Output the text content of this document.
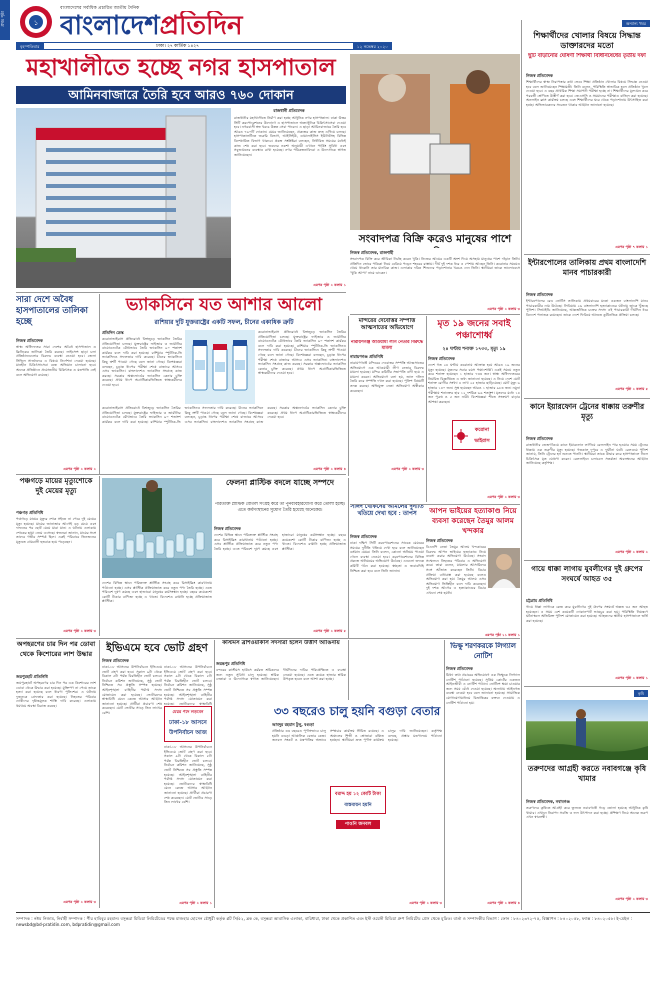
প্রথম পৃষ্ঠা	১
বাংলাদেশের সর্বাধিক প্রচারিত জাতীয় দৈনিক
বাংলাদেশপ্রতিদিন
বৃহস্পতিবার	ঢাকা। ২৭ কার্তিক ১৪২৭	১২ নভেম্বর ২০২০
অন্যান্য খবর
শিক্ষার্থীদের খোলার বিষয়ে সিদ্ধান্ত ডাক্তারদের মতো
ছুটি বাড়ানোর ঘোষণা শিক্ষার্থী বিধিনিষেধের তৃতীয় দফা
নিজস্ব প্রতিবেদক
শিক্ষার্থীদের স্বাস্থ্য নিরাপত্তার কথা ভেবে শিক্ষা প্রতিষ্ঠান খোলার বিষয়ে সিদ্ধান্ত নেওয়া হবে বলে জানিয়েছেন শিক্ষামন্ত্রী। তিনি বলেন, পরিস্থিতি স্বাভাবিক হলে প্রতিষ্ঠান খুলে দেওয়া হবে। এ বছর প্রাথমিক শিক্ষা সমাপনী পরীক্ষা হচ্ছে না। শিক্ষার্থীদের মূল্যায়ন করে পরবর্তী শ্রেণিতে উত্তীর্ণ করা হবে। জেএসসি ও সমমানের পরীক্ষাও বাতিল করা হয়েছে। অনলাইন ক্লাস কার্যক্রম চলছে এবং শিক্ষার্থীদের ঘরে থেকে পড়াশোনায় উৎসাহিত করা হচ্ছে। অভিভাবকদের সচেতন থাকার আহ্বান জানানো হয়েছে।
এরপর পৃষ্ঠা ৭ কলাম ১
ইন্টারপোলের তালিকায় প্রথম বাংলাদেশি মানব পাচারকারী
নিজস্ব প্রতিবেদক
ইন্টারপোলের রেড নোটিস তালিকায় প্রথমবারের মতো একজন বাংলাদেশি মানব পাচারকারীর নাম উঠেছে। লিবিয়ায় ২৬ বাংলাদেশি হত্যাকাণ্ডের ঘটনায় তাকে খুঁজছে পুলিশ। সিআইডি জানিয়েছে, আন্তর্জাতিক চক্রের সদস্য এই পাচারকারী দীর্ঘদিন ধরে বিদেশে পলাতক রয়েছেন। তাকে দেশে ফিরিয়ে আনতে কূটনৈতিক প্রক্রিয়া চলছে।
এরপর পৃষ্ঠা ২ কলাম ৫
কানে ইয়ারফোন ট্রেনের ধাক্কায় তরুণীর মৃত্যু
নিজস্ব প্রতিবেদক
রাজধানীর তেজগাঁওয়ে কানে ইয়ারফোন লাগিয়ে রেললাইন পার হওয়ার সময় ট্রেনের ধাক্কায় এক তরুণীর মৃত্যু হয়েছে। গতকাল দুপুরে এ দুর্ঘটনা ঘটে। রেলওয়ে পুলিশ জানায়, তিনি ট্রেনের হর্ন শুনতে পাননি। স্থানীয়রা তাকে উদ্ধার করে হাসপাতালে নিলে চিকিৎসক মৃত ঘোষণা করেন। রেললাইনে চলাচলে সতর্কতা অবলম্বনের আহ্বান জানিয়েছে কর্তৃপক্ষ।
এরপর পৃষ্ঠা ২ কলাম ২
গায়ে ধাক্কা লাগায় যুবলীগের দুই গ্রুপের সংঘর্ষে আহত ৩৫
চট্টগ্রাম প্রতিনিধি
গায়ে ধাক্কা লাগাকে কেন্দ্র করে যুবলীগের দুই গ্রুপের সংঘর্ষে অন্তত ৩৫ জন আহত হয়েছেন। এ সময় বেশ কয়েকটি দোকানপাট ভাঙচুর করা হয়। পরিস্থিতি নিয়ন্ত্রণে ঘটনাস্থলে অতিরিক্ত পুলিশ মোতায়েন করা হয়েছে। আহতদের স্থানীয় হাসপাতালে ভর্তি করা হয়েছে।
এরপর পৃষ্ঠা ২ কলাম ১
কৃষি
তরুণদের আগ্রহী করতে নবাবগঞ্জে কৃষি খামার
নিজস্ব প্রতিবেদক, নবাবগঞ্জ
তরুণদের কৃষিতে আগ্রহী করে তুলতে নবাবগঞ্জে গড়ে তোলা হয়েছে আধুনিক কৃষি খামার। এখানে নিরাপদ সবজি ও ফল উৎপাদন করা হচ্ছে। প্রশিক্ষণ নিয়ে অনেক তরুণ এখন স্বাবলম্বী।
এরপর পৃষ্ঠা ২ কলাম ৩
মহাখালীতে হচ্ছে নগর হাসপাতাল
আমিনবাজারে তৈরি হবে আরও ৭৬০ দোকান
রাজধানী প্রতিবেদক
রাজধানীর মহাখালীতে নির্মাণ করা হচ্ছে আধুনিক নগর হাসপাতাল। ঢাকা উত্তর সিটি করপোরেশনের উদ্যোগে এ হাসপাতালে অত্যাধুনিক চিকিৎসাসেবা দেওয়া হবে। নগরবাসী স্বল্প খরচে উন্নত সেবা পাবেন। এ ছাড়া আমিনবাজারে তৈরি হবে আরও ৭৬০টি দোকান। মেয়র জানিয়েছেন, প্রকল্পের কাজ দ্রুত এগিয়ে চলছে। হাসপাতালটিতে জরুরি বিভাগ, আইসিইউ, ডায়ালাইসিস ইউনিটসহ বিভিন্ন বিশেষায়িত বিভাগ থাকবে। প্রকল্প সংশ্লিষ্টরা বলছেন, নির্ধারিত সময়ের মধ্যেই কাজ শেষ করা হবে। ভবনের নকশা অনুযায়ী এখানে পার্কিং সুবিধা এবং সবুজায়নের ব্যবস্থাও রাখা হয়েছে। নগর পরিকল্পনাবিদরা এ উদ্যোগকে স্বাগত জানিয়েছেন।
এরপর পৃষ্ঠা ২ কলাম ১
সংবাদপত্র বিক্রি করেও মানুষের পাশে
নিজস্ব প্রতিবেদক, রাজশাহী
সংবাদপত্র বিক্রি করে জীবিকা নির্বাহ করেন খুকি। নিজের আয়ের একটি অংশ দিয়ে অসহায় মানুষের পাশে দাঁড়ান তিনি। প্রতিদিন ভোরে পত্রিকা নিয়ে বেরিয়ে পড়েন শহরের রাস্তায়। দীর্ঘ দুই দশক ধরে এ পেশায় আছেন তিনি। করোনার সময়েও থেমে থাকেনি তার মানবিক কাজ। এলাকার দরিদ্র শিশুদের পড়াশোনার খরচও দেন তিনি। স্থানীয়রা তাকে ভালোবেসে 'খুকি আপা' নামে ডাকেন।
এরপর পৃষ্ঠা ২ কলাম ৩
সারা দেশে অবৈধ হাসপাতালের তালিকা হচ্ছে
নিজস্ব প্রতিবেদক
স্বাস্থ্য অধিদফতর সারা দেশের অবৈধ হাসপাতাল ও ক্লিনিকের তালিকা তৈরি করছে। লাইসেন্স ছাড়া চলা প্রতিষ্ঠানগুলোর বিরুদ্ধে ব্যবস্থা নেওয়া হবে। জেলা সিভিল সার্জনদের এ বিষয়ে নির্দেশনা দেওয়া হয়েছে। মানহীন চিকিৎসাসেবা বন্ধে অভিযান চালানো হবে। অনেক প্রতিষ্ঠানে প্রয়োজনীয় চিকিৎসক ও যন্ত্রপাতি নেই বলে অভিযোগ রয়েছে।
এরপর পৃষ্ঠা ২ কলাম ২
ভ্যাকসিনে যত আশার আলো
রাশিয়ার দুটি যুক্তরাষ্ট্রের একটি সফল, চীনের একাধিক ত্রুটি
প্রতিদিন ডেস্ক
করোনাভাইরাস প্রতিরোধে বিশ্বজুড়ে ভ্যাকসিন তৈরির প্রতিযোগিতা চলছে। যুক্তরাষ্ট্রের ফাইজার ও জার্মানির বায়োএনটেক যৌথভাবে তৈরি ভ্যাকসিন ৯০ শতাংশ কার্যকর বলে দাবি করা হয়েছে। রাশিয়ার স্পুটনিক-ভি ভ্যাকসিনও সফলতার দাবি করেছে। চীনের ভ্যাকসিনে কিছু ত্রুটি পাওয়া গেছে বলে জানা গেছে। বিশেষজ্ঞরা বলছেন, চূড়ান্ত ধাপের পরীক্ষা শেষে বাজারে আসবে এসব ভ্যাকসিন। বাংলাদেশও ভ্যাকসিন সংগ্রহে কাজ করছে। সরকার অক্সফোর্ডের ভ্যাকসিন কেনার চুক্তি করেছে। প্রথম ধাপে অগ্রাধিকারভিত্তিতে স্বাস্থ্যকর্মীদের দেওয়া হবে।
করোনাভাইরাস প্রতিরোধে বিশ্বজুড়ে ভ্যাকসিন তৈরির প্রতিযোগিতা চলছে। যুক্তরাষ্ট্রের ফাইজার ও জার্মানির বায়োএনটেক যৌথভাবে তৈরি ভ্যাকসিন ৯০ শতাংশ কার্যকর বলে দাবি করা হয়েছে। রাশিয়ার স্পুটনিক-ভি ভ্যাকসিনও সফলতার দাবি করেছে। চীনের ভ্যাকসিনে কিছু ত্রুটি পাওয়া গেছে বলে জানা গেছে। বিশেষজ্ঞরা বলছেন, চূড়ান্ত ধাপের পরীক্ষা শেষে বাজারে আসবে এসব ভ্যাকসিন। বাংলাদেশও ভ্যাকসিন সংগ্রহে কাজ করছে। সরকার অক্সফোর্ডের ভ্যাকসিন কেনার চুক্তি করেছে। প্রথম ধাপে অগ্রাধিকারভিত্তিতে স্বাস্থ্যকর্মীদের দেওয়া হবে।
করোনাভাইরাস প্রতিরোধে বিশ্বজুড়ে ভ্যাকসিন তৈরির প্রতিযোগিতা চলছে। যুক্তরাষ্ট্রের ফাইজার ও জার্মানির বায়োএনটেক যৌথভাবে তৈরি ভ্যাকসিন ৯০ শতাংশ কার্যকর বলে দাবি করা হয়েছে। রাশিয়ার স্পুটনিক-ভি ভ্যাকসিনও সফলতার দাবি করেছে। চীনের ভ্যাকসিনে কিছু ত্রুটি পাওয়া গেছে বলে জানা গেছে। বিশেষজ্ঞরা বলছেন, চূড়ান্ত ধাপের পরীক্ষা শেষে বাজারে আসবে এসব ভ্যাকসিন। বাংলাদেশও ভ্যাকসিন সংগ্রহে কাজ করছে। সরকার অক্সফোর্ডের ভ্যাকসিন কেনার চুক্তি করেছে। প্রথম ধাপে অগ্রাধিকারভিত্তিতে স্বাস্থ্যকর্মীদের দেওয়া হবে।
এরপর পৃষ্ঠা ২ কলাম ৪
মন্দিরের দেবোত্তর সম্পত্তি আত্মসাতের অভিযোগে
নারায়ণগঞ্জ আওয়ামী লীগ নেতার বিরুদ্ধে মামলা
নারায়ণগঞ্জ প্রতিনিধি
নারায়ণগঞ্জে মন্দিরের দেবোত্তর সম্পত্তি আত্মসাতের অভিযোগে এক আওয়ামী লীগ নেতার বিরুদ্ধে মামলা হয়েছে। মন্দির কমিটির সভাপতি বাদী হয়ে এ মামলা করেন। অভিযোগে বলা হয়, জাল দলিল তৈরি করে সম্পত্তি দখল করা হয়েছে। পুলিশ বিষয়টি তদন্ত করছে। অভিযুক্ত নেতা অভিযোগ অস্বীকার করেছেন।
এরপর পৃষ্ঠা ২ কলাম ৩
মৃত ১৯ জনের সবাই পঞ্চাশোর্ধ্ব
২৪ ঘণ্টায় শনাক্ত ১৭৩৩, মৃত্যু ১৯
নিজস্ব প্রতিবেদক
দেশে গত ২৪ ঘণ্টায় করোনায় আক্রান্ত হয়ে আরও ১৯ জনের মৃত্যু হয়েছে। মৃতদের সবার বয়স পঞ্চাশোর্ধ্ব। একই সময়ে নতুন করে শনাক্ত হয়েছেন ১ হাজার ৭৩৩ জন। স্বাস্থ্য অধিদফতরের নিয়মিত বিজ্ঞপ্তিতে এ তথ্য জানানো হয়েছে। এ নিয়ে দেশে মোট শনাক্ত রোগীর সংখ্যা ৪ লাখ ২৫ হাজার ছাড়িয়েছে। মোট মৃত্যু ৬ হাজার ১৪০ জন। সুস্থ হয়েছেন আরও ১ হাজার ৯৮৩ জন। নমুনা পরীক্ষায় শনাক্তের হার ১২ দশমিক ৬৬ শতাংশ। মৃতদের মধ্যে ১৪ জন পুরুষ ও ৫ জন নারী। বিশেষজ্ঞরা শীতে সংক্রমণ বাড়ার আশঙ্কা করছেন।
করোনা ভাইরাস
এরপর পৃষ্ঠা ২ কলাম ৩
পঞ্চগড়ে মায়ের মৃত্যুশোকে দুই মেয়ের মৃত্যু
পঞ্চগড় প্রতিনিধি
পঞ্চগড়ে মায়ের মৃত্যুর শোক সইতে না পেরে দুই মেয়ের মৃত্যু হয়েছে। মায়ের জানাজার আগেই বড় মেয়ে এবং দাফনের পর ছোট মেয়ে মারা যান। এ ঘটনায় এলাকায় শোকের ছায়া নেমে এসেছে। স্বজনরা জানান, মায়ের সঙ্গে তাদের গভীর সম্পর্ক ছিল। একই পরিবারে তিনজনের মৃত্যুতে গ্রামবাসী হতবাক হয়ে পড়েছেন।
এরপর পৃষ্ঠা ২ কলাম ৩
ফেলনা প্লাস্টিক বদলে যাচ্ছে সম্পদে
পরিত্যক্ত প্লাস্টিক বোতল সংগ্রহ করে তা পুনর্ব্যবহারযোগ্য করে তোলা হচ্ছে। এতে কর্মসংস্থানের সুযোগ তৈরি হয়েছে অনেকের।
নিজস্ব প্রতিবেদক
দেশের বিভিন্ন স্থানে পরিত্যক্ত প্লাস্টিক সংগ্রহ করে রিসাইক্লিং কারখানায় পাঠানো হচ্ছে। এসব প্লাস্টিক প্রক্রিয়াজাত করে নতুন পণ্য তৈরি হচ্ছে। এতে পরিবেশ দূষণ কমছে এবং হাজারো মানুষের কর্মসংস্থান হচ্ছে। বছরে কয়েকশো কোটি টাকার বাণিজ্য হচ্ছে এ খাতে। বিদেশেও রপ্তানি হচ্ছে প্রক্রিয়াজাত প্লাস্টিক।
দেশের বিভিন্ন স্থানে পরিত্যক্ত প্লাস্টিক সংগ্রহ করে রিসাইক্লিং কারখানায় পাঠানো হচ্ছে। এসব প্লাস্টিক প্রক্রিয়াজাত করে নতুন পণ্য তৈরি হচ্ছে। এতে পরিবেশ দূষণ কমছে এবং হাজারো মানুষের কর্মসংস্থান হচ্ছে। বছরে কয়েকশো কোটি টাকার বাণিজ্য হচ্ছে এ খাতে। বিদেশেও রপ্তানি হচ্ছে প্রক্রিয়াজাত প্লাস্টিক।
এরপর পৃষ্ঠা ২ কলাম ৫
সাঈদ খোকনের আমলের দুর্নীতি খতিয়ে দেখা হবে : তাপস
নিজস্ব প্রতিবেদক
ঢাকা দক্ষিণ সিটি করপোরেশনের সাবেক মেয়রের সময়ের দুর্নীতি খতিয়ে দেখা হবে বলে জানিয়েছেন বর্তমান মেয়র। তিনি বলেন, কোনো অনিয়ম পাওয়া গেলে ব্যবস্থা নেওয়া হবে। করপোরেশনের বিভিন্ন প্রকল্পে অনিয়মের অভিযোগ উঠেছে। এগুলো তদন্তে কমিটি গঠন করা হয়েছে। স্বচ্ছতা ও জবাবদিহি নিশ্চিত করা হবে বলে তিনি জানান।
আপন ভাইয়ের হত্যাকাণ্ড নিয়ে ব্যবসা করেছেন তৈমুর আলম খন্দকার
নিজস্ব প্রতিবেদক
বিএনপি নেতা তৈমুর আলম খন্দকারের বিরুদ্ধে আপন ভাইয়ের হত্যাকাণ্ড নিয়ে ব্যবসা করার অভিযোগ উঠেছে। সংবাদ সম্মেলনে নিহতের পরিবার এ অভিযোগ করে। তারা বলেন, মামলার আসামিদের সঙ্গে আঁতাত করেছেন তিনি। বিচার প্রক্রিয়া বাধাগ্রস্ত করা হয়েছে বলেও অভিযোগ করা হয়। তৈমুর আলম এসব অভিযোগ ভিত্তিহীন বলে দাবি করেছেন। দুই দশক আগের এ হত্যাকাণ্ডের বিচার এখনো শেষ হয়নি।
এরপর পৃষ্ঠা ১১ কলাম ১
অপহরণের চার দিন পর ডোবা থেকে কিশোরের লাশ উদ্ধার
জয়পুরহাট প্রতিনিধি
জয়পুরহাটে অপহরণের চার দিন পর এক কিশোরের লাশ ডোবা থেকে উদ্ধার করা হয়েছে। মুক্তিপণ না পেয়ে তাকে হত্যা করা হয়েছে বলে ধারণা পুলিশের। এ ঘটনায় দুজনকে গ্রেফতার করা হয়েছে। নিহতের পরিবার দোষীদের দৃষ্টান্তমূলক শাস্তি দাবি করেছে। এলাকায় থমথমে অবস্থা বিরাজ করছে।
এরপর পৃষ্ঠা ২ কলাম ৩
ইভিএমে হবে ভোট গ্রহণ
নিজস্ব প্রতিবেদক
ঢাকা-১৮ আসনের উপনির্বাচনে ইভিএমে ভোট গ্রহণ করা হবে। সকাল ৯টা থেকে বিকাল ৫টা পর্যন্ত বিরতিহীন ভোট চলবে। নির্বাচন কমিশন জানিয়েছে, সুষ্ঠু ভোট নিশ্চিতে সব প্রস্তুতি সম্পন্ন হয়েছে। আইনশৃঙ্খলা বাহিনীর পর্যাপ্ত সদস্য মোতায়েন করা হয়েছে। ভোটারদের স্বাস্থ্যবিধি মেনে কেন্দ্রে আসার আহ্বান জানানো হয়েছে। প্রার্থীরা প্রচারণা শেষ করেছেন। মোট ভোটার সাড়ে তিন লাখের বেশি।	মেয়র পদে লড়বেন
ঢাকা-১৮ আসনে
উপনির্বাচন আজ
ঢাকা-১৮ আসনের উপনির্বাচনে ইভিএমে ভোট গ্রহণ করা হবে। সকাল ৯টা থেকে বিকাল ৫টা পর্যন্ত বিরতিহীন ভোট চলবে। নির্বাচন কমিশন জানিয়েছে, সুষ্ঠু ভোট নিশ্চিতে সব প্রস্তুতি সম্পন্ন হয়েছে। আইনশৃঙ্খলা বাহিনীর পর্যাপ্ত সদস্য মোতায়েন করা হয়েছে। ভোটারদের স্বাস্থ্যবিধি
ঢাকা-১৮ আসনের উপনির্বাচনে ইভিএমে ভোট গ্রহণ করা হবে। সকাল ৯টা থেকে বিকাল ৫টা পর্যন্ত বিরতিহীন ভোট চলবে। নির্বাচন কমিশন জানিয়েছে, সুষ্ঠু ভোট নিশ্চিতে সব প্রস্তুতি সম্পন্ন হয়েছে। আইনশৃঙ্খলা বাহিনীর পর্যাপ্ত সদস্য মোতায়েন করা হয়েছে। ভোটারদের স্বাস্থ্যবিধি মেনে কেন্দ্রে আসার আহ্বান জানানো হয়েছে। প্রার্থীরা প্রচারণা শেষ করেছেন। মোট ভোটার সাড়ে তিন লাখের বেশি।
এরপর পৃষ্ঠা ২ কলাম ১
কাস্টমস ব্রাশওয়ার্কার্স সদস্যরা হলেন উত্তীর্ণ আঙিনায়
জয়ন্তপুর প্রতিনিধি
বন্দরের কাস্টমস হাউসে কর্মরত শ্রমিকদের জন্য নতুন সুবিধা চালু হয়েছে। শ্রমিক নেতারা এ উদ্যোগকে স্বাগত জানিয়েছেন। দীর্ঘদিনের দাবির পরিপ্রেক্ষিতে এ ব্যবস্থা নেওয়া হয়েছে। এতে কয়েক হাজার শ্রমিক উপকৃত হবেন বলে আশা করা হচ্ছে।
৩৩ বছরেও চালু হয়নি বগুড়া বেতার
আবদুর রহমান টুলু, বগুড়া
প্রতিষ্ঠার ৩৩ বছরেও পূর্ণাঙ্গভাবে চালু হয়নি বগুড়া আঞ্চলিক বেতার কেন্দ্র। জনবল সংকট ও যন্ত্রপাতির অভাবে সম্প্রচার কার্যক্রম সীমিত রয়েছে। এ অঞ্চলের শিল্পী ও শ্রোতারা বঞ্চিত হচ্ছেন। স্থানীয়রা দ্রুত পূর্ণাঙ্গ কার্যক্রম চালুর দাবি জানিয়েছেন। কর্তৃপক্ষ বলছে, প্রস্তাব মন্ত্রণালয়ে পাঠানো হয়েছে।
বরাদ্দ হয় ১২ কোটি টাকা
বাস্তবায়ন হয়নি
পাওনি জনবল
এরপর পৃষ্ঠা ২ কলাম ৩
ভিক্ষু শরণকরকে লিগ্যাল নোটিশ
নিজস্ব প্রতিবেদক
মিথ্যা তথ্য প্রচারের অভিযোগে এক ভিক্ষুকে লিগ্যাল নোটিশ পাঠানো হয়েছে। সুপ্রিম কোর্টের একজন আইনজীবী এ নোটিশ পাঠান। নোটিশে ক্ষমা চাওয়ার জন্য সময় বেঁধে দেওয়া হয়েছে। অন্যথায় আইনগত ব্যবস্থা নেওয়া হবে বলে জানানো হয়েছে। সামাজিক যোগাযোগমাধ্যমে বিভ্রান্তিকর বক্তব্য দেওয়ায় এ নোটিশ পাঠানো হয়।
এরপর পৃষ্ঠা ২ কলাম ৪
সম্পাদক : নঈম নিজাম, নির্বাহী সম্পাদক : পীর হাবিবুর রহমান। বসুন্ধরা মিডিয়া লিমিটেডের পক্ষে মাজহার হোসেন চৌধুরী কর্তৃক প্লট সি/৫২, ব্লক কে, বসুন্ধরা আবাসিক এলাকা, বারিধারা, ঢাকা থেকে প্রকাশিত এবং ইস্ট ওয়েস্ট মিডিয়া গ্রুপ লিমিটেড প্রেস থেকে মুদ্রিত। বার্তা ও সম্পাদকীয় বিভাগ : ফোন : ৮৪০২৩৭২-৭৫, বিজ্ঞাপন : ৮৪০২০৫৮, ফ্যাক্স : ৮৪০২০৫৮। ই-মেইল : newsbd@bd-pratidin.com, bdpratidin@gmail.com
